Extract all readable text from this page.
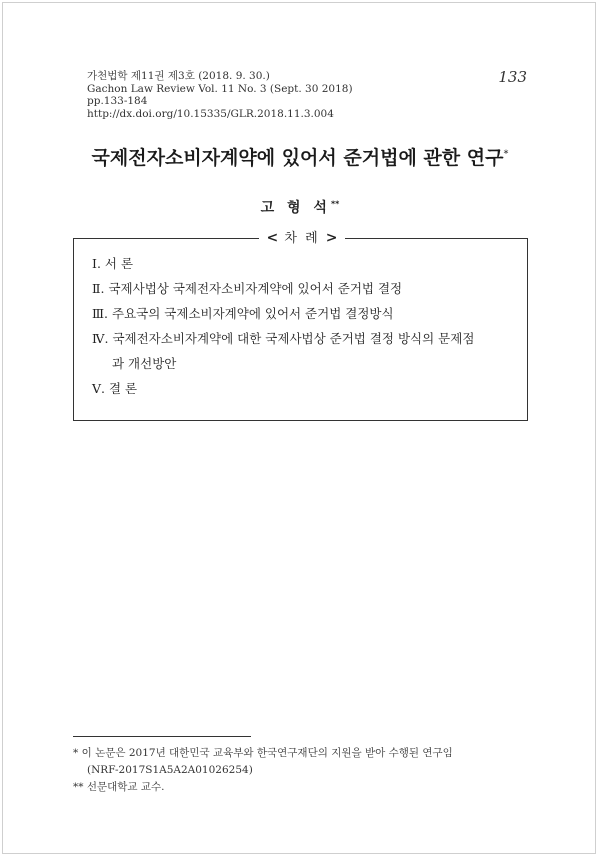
가천법학 제11권 제3호 (2018. 9. 30.)
Gachon Law Review Vol. 11 No. 3 (Sept. 30 2018)
pp.133-184
http://dx.doi.org/10.15335/GLR.2018.11.3.004
133
국제전자소비자계약에 있어서 준거법에 관한 연구*
고 형 석**
< 차 례 >
Ⅰ. 서 론
Ⅱ. 국제사법상 국제전자소비자계약에 있어서 준거법 결정
Ⅲ. 주요국의 국제소비자계약에 있어서 준거법 결정방식
Ⅳ. 국제전자소비자계약에 대한 국제사법상 준거법 결정 방식의 문제점
과 개선방안
Ⅴ. 결 론
* 이 논문은 2017년 대한민국 교육부와 한국연구재단의 지원을 받아 수행된 연구임
(NRF-2017S1A5A2A01026254)
** 선문대학교 교수.
